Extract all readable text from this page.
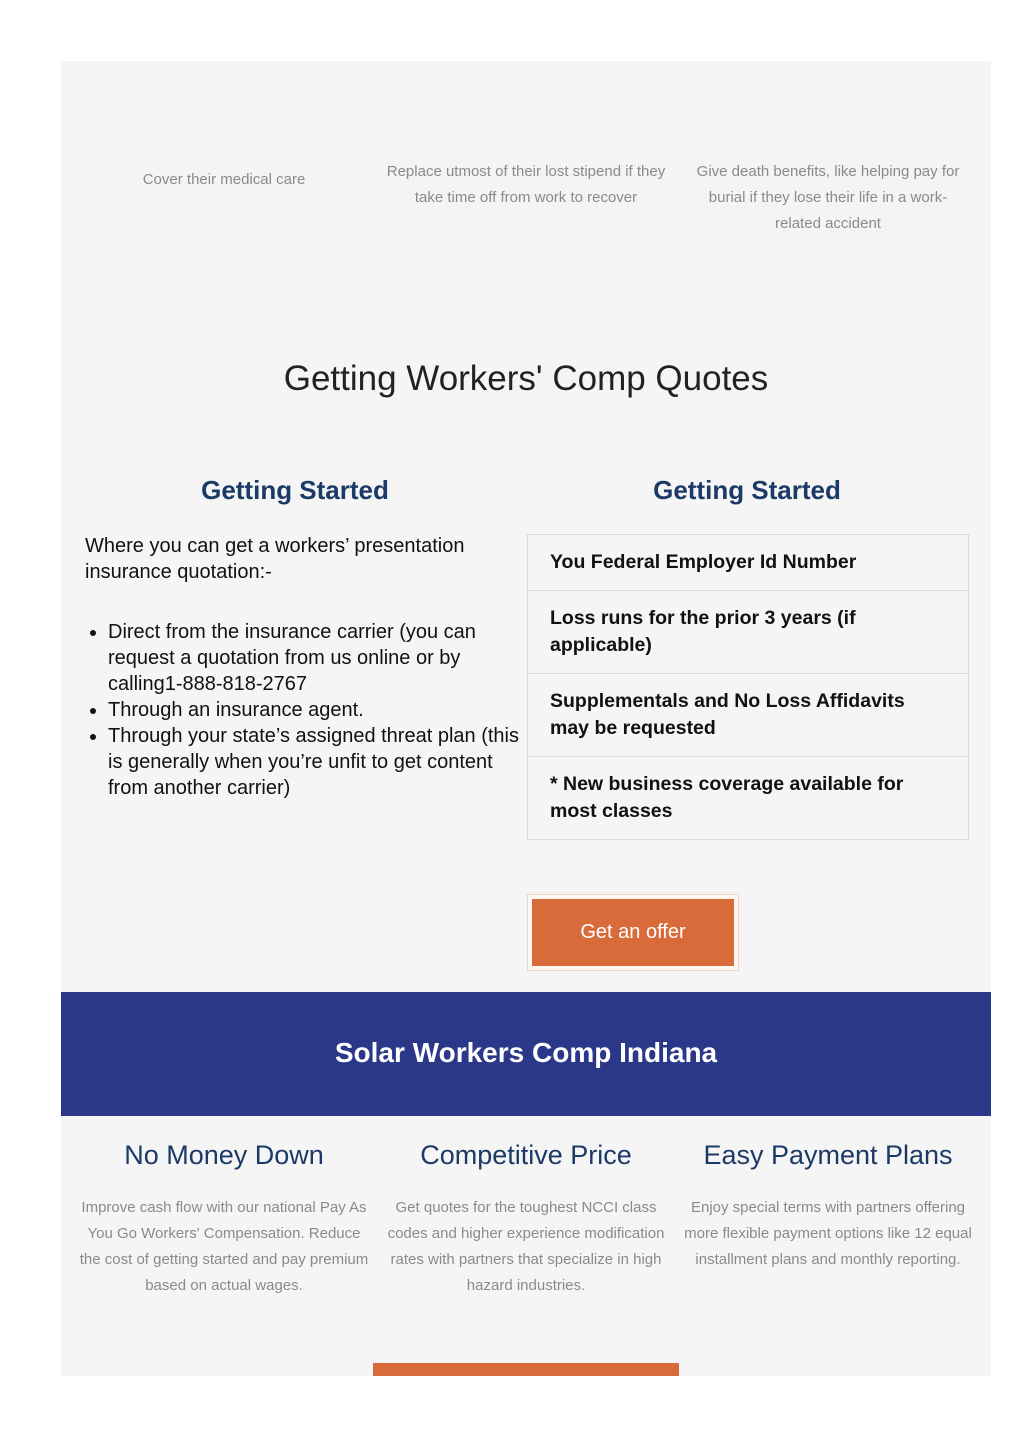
Cover their medical care	Replace utmost of their lost stipend if they take time off from work to recover
Give death benefits, like helping pay for burial if they lose their life in a work-related accident
Getting Workers' Comp Quotes
Getting Started	Getting Started

Where you can get a workers’ presentation insurance quotation:-

• Direct from the insurance carrier (you can request a quotation from us online or by calling1-888-818-2767
• Through an insurance agent.
• Through your state’s assigned threat plan (this is generally when you’re unfit to get content from another carrier)
You Federal Employer Id Number
Loss runs for the prior 3 years (if applicable)
Supplementals and No Loss Affidavits may be requested
* New business coverage available for most classes
Get an offer
Solar Workers Comp Indiana
No Money Down

Improve cash flow with our national Pay As You Go Workers' Compensation. Reduce the cost of getting started and pay premium based on actual wages.

Competitive Price

Get quotes for the toughest NCCI class codes and higher experience modification rates with partners that specialize in high hazard industries.

Easy Payment Plans

Enjoy special terms with partners offering more flexible payment options like 12 equal installment plans and monthly reporting.
